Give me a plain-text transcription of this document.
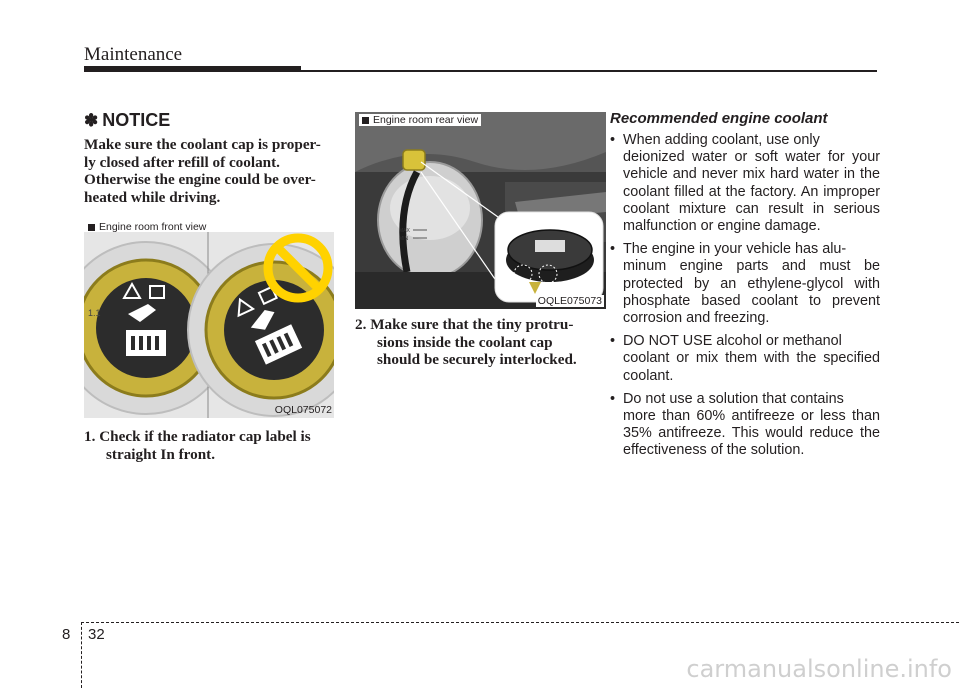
Maintenance
✽ NOTICE
Make sure the coolant cap is proper-
ly closed after refill of coolant.
Otherwise the engine could be over-
heated while driving.
Engine room front view
1.1
OQL075072
1. Check if the radiator cap label is
straight In front.
MAX
MIN
Engine room rear view
OQLE075073
2. Make sure that the tiny protru-
sions inside the coolant cap
should be securely interlocked.
Recommended engine coolant
• When adding coolant, use only
deionized water or soft water for your vehicle and never mix hard water in the coolant filled at the factory. An improper coolant mixture can result in serious malfunction or engine damage.
• The engine in your vehicle has alu-
minum engine parts and must be protected by an ethylene-glycol with phosphate based coolant to prevent corrosion and freezing.
• DO NOT USE alcohol or methanol
coolant or mix them with the specified coolant.
• Do not use a solution that contains
more than 60% antifreeze or less than 35% antifreeze. This would reduce the effectiveness of the solution.
8 32
carmanualsonline.info
